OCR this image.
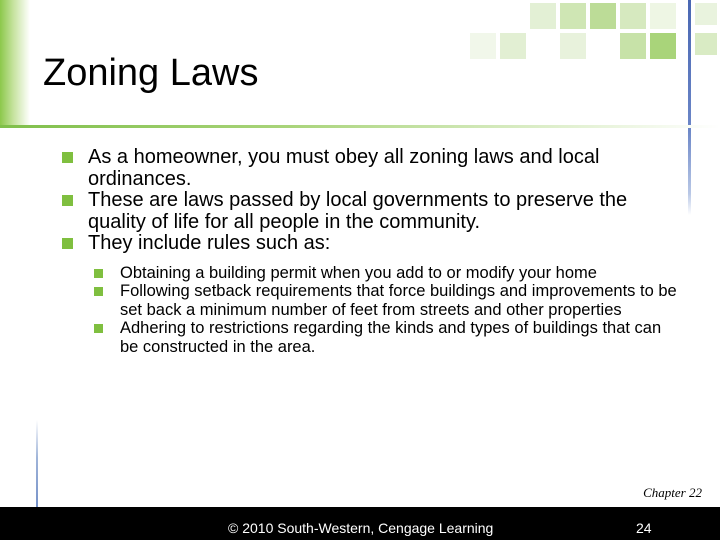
Zoning Laws
As a homeowner, you must obey all zoning laws and local ordinances.
These are laws passed by local governments to preserve the quality of life for all people in the community.
They include rules such as:
Obtaining a building permit when you add to or modify your home
Following setback requirements that force buildings and improvements to be set back a minimum number of feet from streets and other properties
Adhering to restrictions regarding the kinds and types of buildings that can be constructed in the area.
Chapter 22
© 2010 South-Western, Cengage Learning	24
